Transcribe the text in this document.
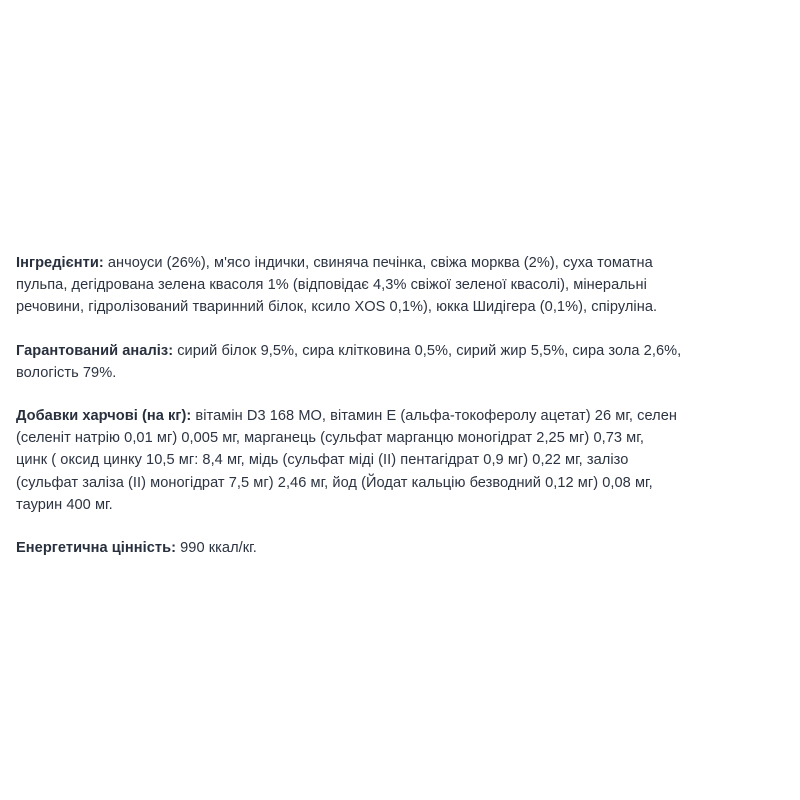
Інгредієнти: анчоуси (26%), м'ясо індички, свиняча печінка, свіжа морква (2%), суха томатна
пульпа, дегідрована зелена квасоля 1% (відповідає 4,3% свіжої зеленої квасолі), мінеральні
речовини, гідролізований тваринний білок, ксило XOS 0,1%), юкка Шидігера (0,1%), спіруліна.
Гарантований аналіз: сирий білок 9,5%, сира клітковина 0,5%, сирий жир 5,5%, сира зола 2,6%,
вологість 79%.
Добавки харчові (на кг): вітамін D3 168 МО, вітамин Е (альфа-токоферолу ацетат) 26 мг, селен
(селеніт натрію 0,01 мг) 0,005 мг, марганець (сульфат марганцю моногідрат 2,25 мг) 0,73 мг,
цинк ( оксид цинку 10,5 мг: 8,4 мг, мідь (сульфат міді (ІІ) пентагідрат 0,9 мг) 0,22 мг, залізо
(сульфат заліза (ІІ) моногідрат 7,5 мг) 2,46 мг, йод (Йодат кальцію безводний 0,12 мг) 0,08 мг,
таурин 400 мг.
Енергетична цінність: 990 ккал/кг.
